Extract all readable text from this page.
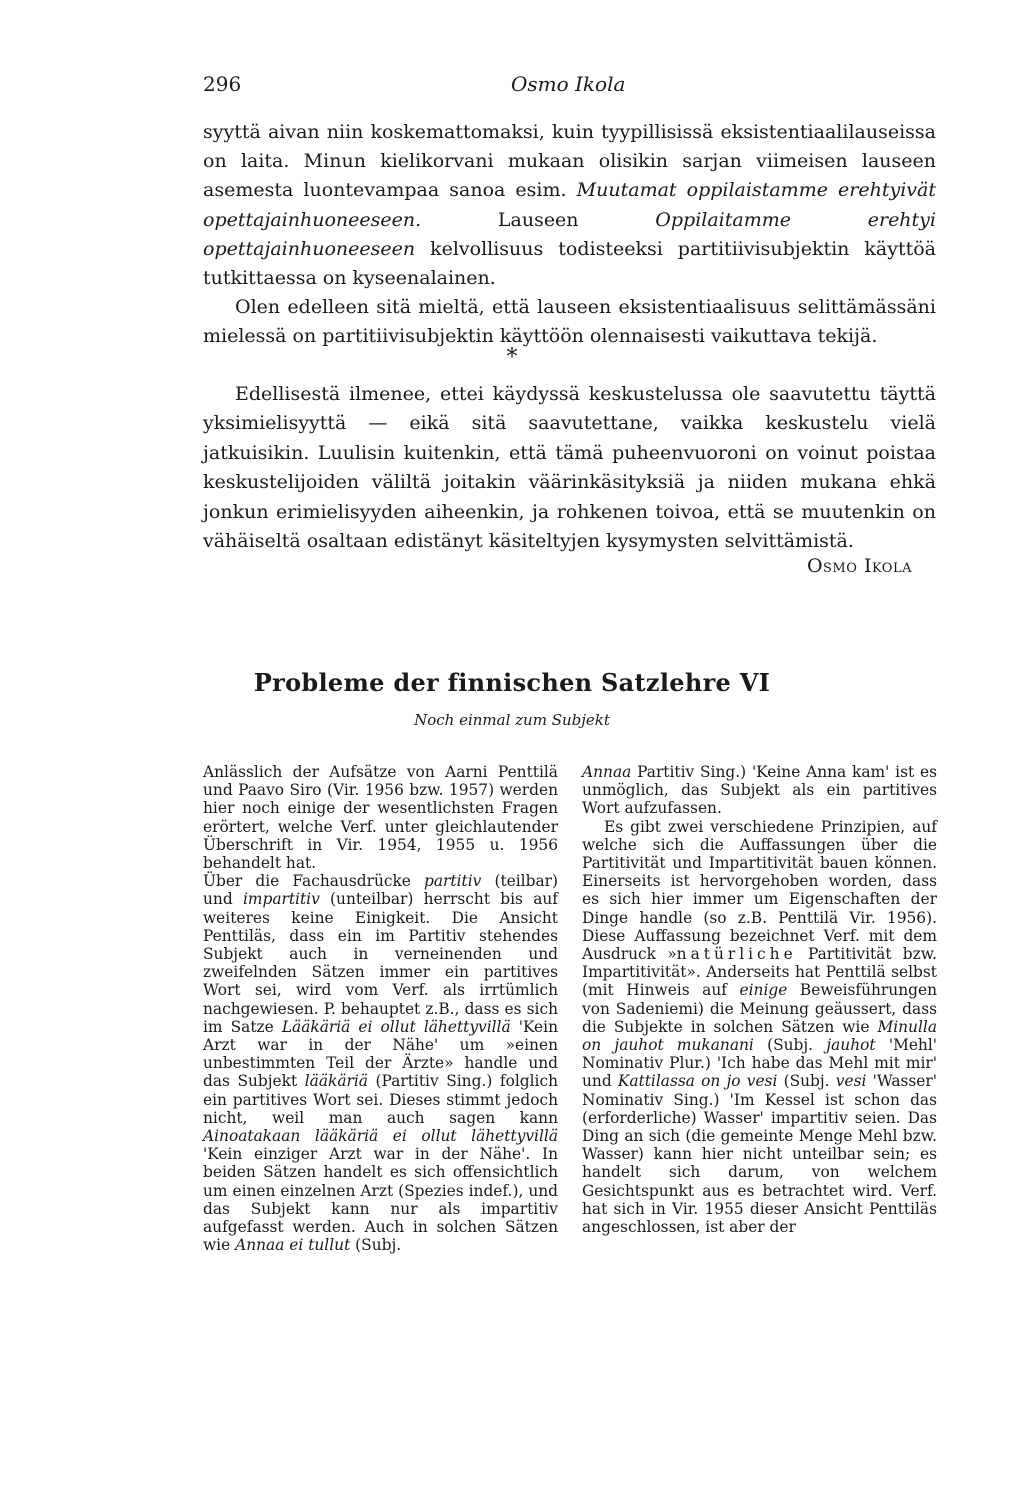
296	Osmo Ikola

syyttä aivan niin koskemattomaksi, kuin tyypillisissä eksistentiaalilauseissa on laita. Minun kielikorvani mukaan olisikin sarjan viimeisen lauseen asemesta luontevampaa sanoa esim. Muutamat oppilaistamme erehtyivät opettajainhuoneeseen. Lauseen Oppilaitamme erehtyi opettajainhuoneeseen kelvollisuus todisteeksi partitiivisubjektin käyttöä tutkittaessa on kyseenalainen.

Olen edelleen sitä mieltä, että lauseen eksistentiaalisuus selittämässäni mielessä on partitiivisubjektin käyttöön olennaisesti vaikuttava tekijä.

*

Edellisestä ilmenee, ettei käydyssä keskustelussa ole saavutettu täyttä yksimielisyyttä — eikä sitä saavutettane, vaikka keskustelu vielä jatkuisikin. Luulisin kuitenkin, että tämä puheenvuoroni on voinut poistaa keskustelijoiden väliltä joitakin väärinkäsityksiä ja niiden mukana ehkä jonkun erimielisyyden aiheenkin, ja rohkenen toivoa, että se muutenkin on vähäiseltä osaltaan edistänyt käsiteltyjen kysymysten selvittämistä.

Osmo Ikola
Probleme der finnischen Satzlehre VI
Noch einmal zum Subjekt

Anlässlich der Aufsätze von Aarni Penttilä und Paavo Siro (Vir. 1956 bzw. 1957) werden hier noch einige der wesentlichsten Fragen erörtert, welche Verf. unter gleichlautender Überschrift in Vir. 1954, 1955 u. 1956 behandelt hat.

Über die Fachausdrücke partitiv (teilbar) und impartitiv (unteilbar) herrscht bis auf weiteres keine Einigkeit. Die Ansicht Penttiläs, dass ein im Partitiv stehendes Subjekt auch in verneinenden und zweifelnden Sätzen immer ein partitives Wort sei, wird vom Verf. als irrtümlich nachgewiesen. P. behauptet z.B., dass es sich im Satze Lääkäriä ei ollut lähettyvillä 'Kein Arzt war in der Nähe' um »einen unbestimmten Teil der Ärzte» handle und das Subjekt lääkäriä (Partitiv Sing.) folglich ein partitives Wort sei. Dieses stimmt jedoch nicht, weil man auch sagen kann Ainoatakaan lääkäriä ei ollut lähettyvillä 'Kein einziger Arzt war in der Nähe'. In beiden Sätzen handelt es sich offensichtlich um einen einzelnen Arzt (Spezies indef.), und das Subjekt kann nur als impartitiv aufgefasst werden. Auch in solchen Sätzen wie Annaa ei tullut (Subj.

Annaa Partitiv Sing.) 'Keine Anna kam' ist es unmöglich, das Subjekt als ein partitives Wort aufzufassen.

Es gibt zwei verschiedene Prinzipien, auf welche sich die Auffassungen über die Partitivität und Impartitivität bauen können. Einerseits ist hervorgehoben worden, dass es sich hier immer um Eigenschaften der Dinge handle (so z.B. Penttilä Vir. 1956). Diese Auffassung bezeichnet Verf. mit dem Ausdruck »natürliche Partitivität bzw. Impartitivität». Anderseits hat Penttilä selbst (mit Hinweis auf einige Beweisführungen von Sadeniemi) die Meinung geäussert, dass die Subjekte in solchen Sätzen wie Minulla on jauhot mukanani (Subj. jauhot 'Mehl' Nominativ Plur.) 'Ich habe das Mehl mit mir' und Kattilassa on jo vesi (Subj. vesi 'Wasser' Nominativ Sing.) 'Im Kessel ist schon das (erforderliche) Wasser' impartitiv seien. Das Ding an sich (die gemeinte Menge Mehl bzw. Wasser) kann hier nicht unteilbar sein; es handelt sich darum, von welchem Gesichtspunkt aus es betrachtet wird. Verf. hat sich in Vir. 1955 dieser Ansicht Penttiläs angeschlossen, ist aber der
